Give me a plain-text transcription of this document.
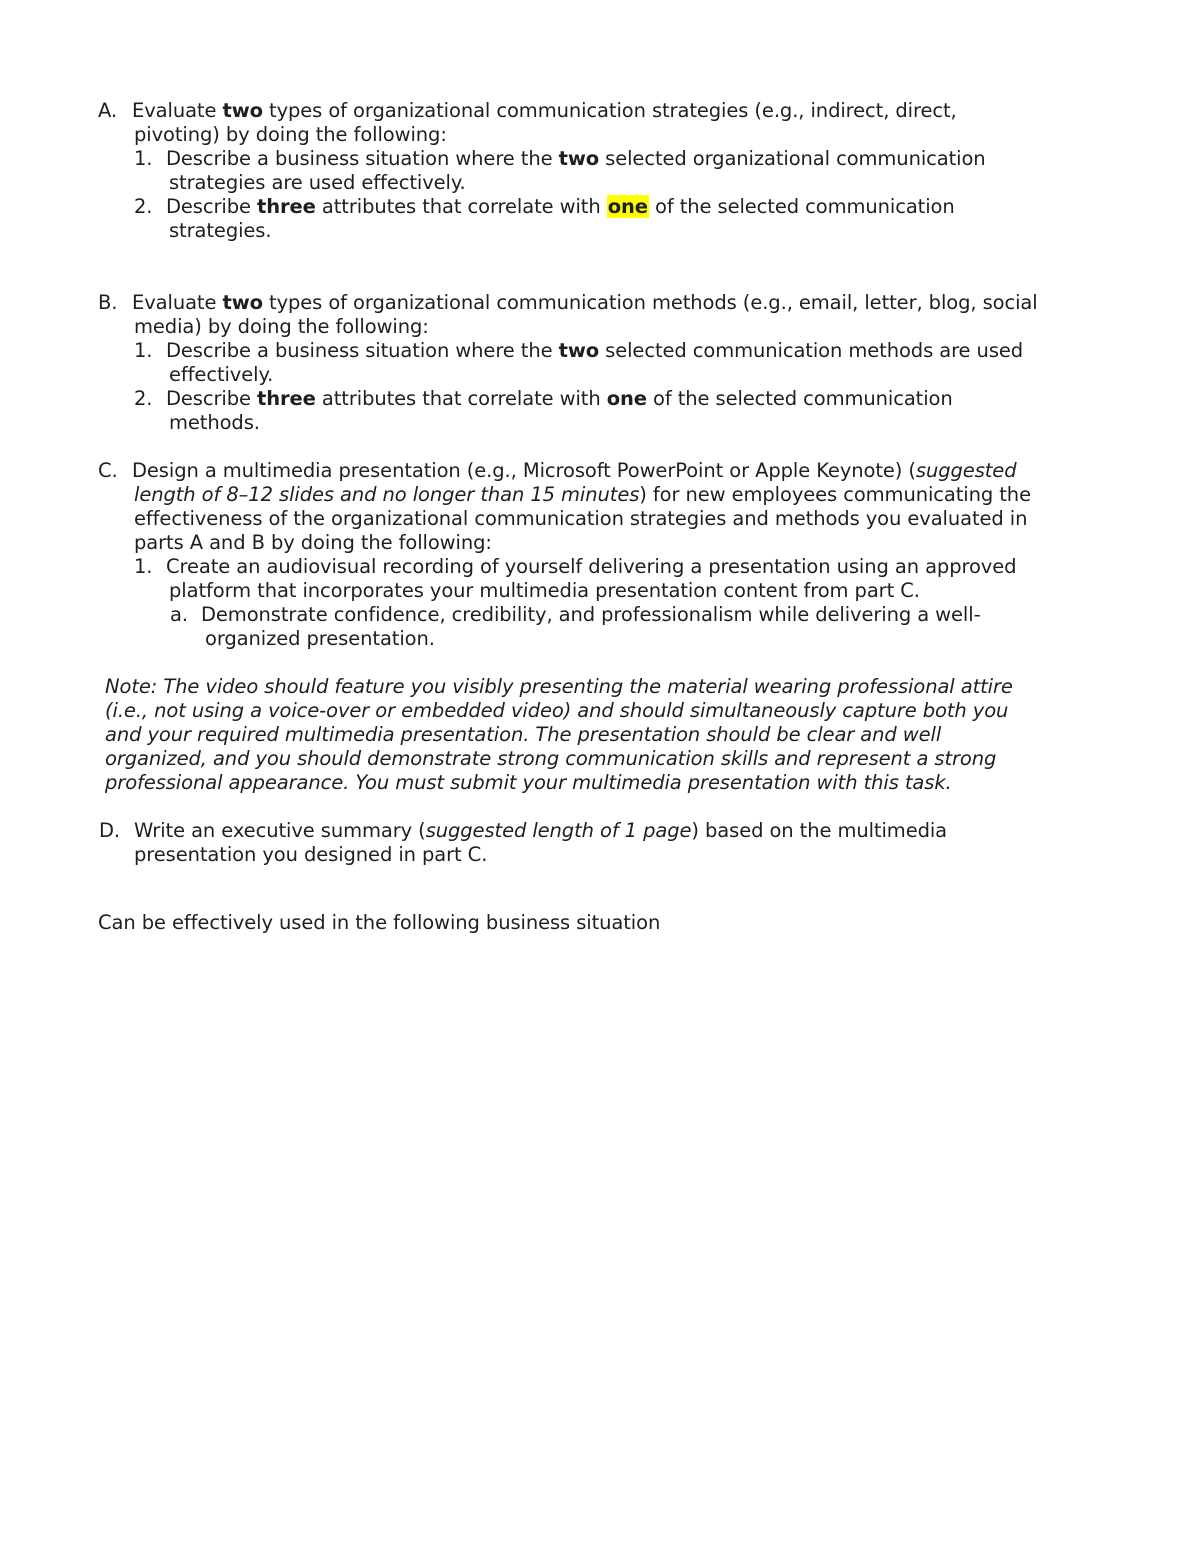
A. Evaluate two types of organizational communication strategies (e.g., indirect, direct,
pivoting) by doing the following:
1. Describe a business situation where the two selected organizational communication
strategies are used effectively.
2. Describe three attributes that correlate with one of the selected communication
strategies.
B. Evaluate two types of organizational communication methods (e.g., email, letter, blog, social
media) by doing the following:
1. Describe a business situation where the two selected communication methods are used
effectively.
2. Describe three attributes that correlate with one of the selected communication
methods.
C. Design a multimedia presentation (e.g., Microsoft PowerPoint or Apple Keynote) (suggested
length of 8–12 slides and no longer than 15 minutes) for new employees communicating the
effectiveness of the organizational communication strategies and methods you evaluated in
parts A and B by doing the following:
1. Create an audiovisual recording of yourself delivering a presentation using an approved
platform that incorporates your multimedia presentation content from part C.
a. Demonstrate confidence, credibility, and professionalism while delivering a well-
organized presentation.
Note: The video should feature you visibly presenting the material wearing professional attire
(i.e., not using a voice-over or embedded video) and should simultaneously capture both you
and your required multimedia presentation. The presentation should be clear and well
organized, and you should demonstrate strong communication skills and represent a strong
professional appearance. You must submit your multimedia presentation with this task.
D. Write an executive summary (suggested length of 1 page) based on the multimedia
presentation you designed in part C.
Can be effectively used in the following business situation
